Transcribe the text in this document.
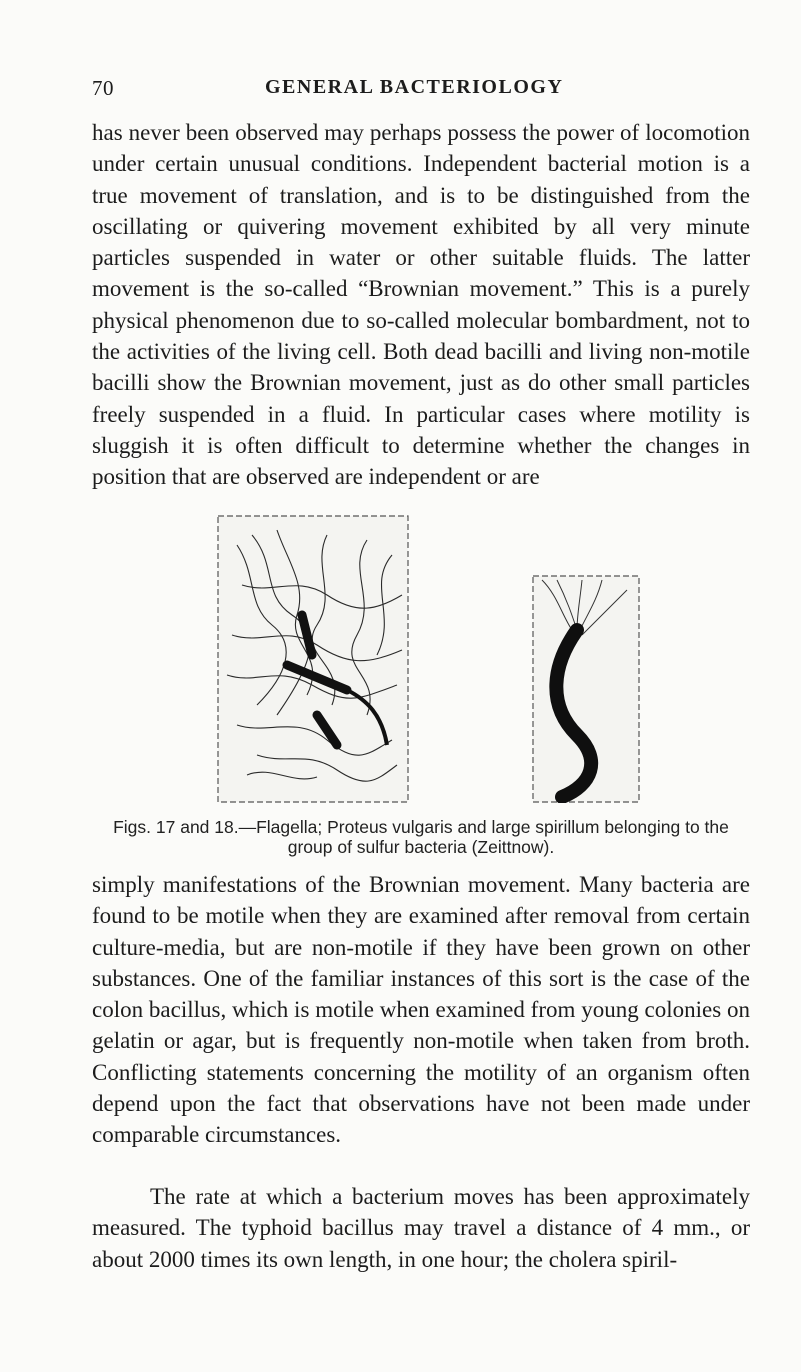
70	GENERAL BACTERIOLOGY

has never been observed may perhaps possess the power of locomotion under certain unusual conditions. Independent bacterial motion is a true movement of translation, and is to be distinguished from the oscillating or quivering movement exhibited by all very minute particles suspended in water or other suitable fluids. The latter movement is the so-called “Brownian movement.” This is a purely physical phenomenon due to so-called molecular bombardment, not to the activities of the living cell. Both dead bacilli and living non-motile bacilli show the Brownian movement, just as do other small particles freely suspended in a fluid. In particular cases where motility is sluggish it is often difficult to determine whether the changes in position that are observed are independent or are

Figs. 17 and 18.—Flagella; Proteus vulgaris and large spirillum belonging to the group of sulfur bacteria (Zeittnow).

simply manifestations of the Brownian movement. Many bacteria are found to be motile when they are examined after removal from certain culture-media, but are non-motile if they have been grown on other substances. One of the familiar instances of this sort is the case of the colon bacillus, which is motile when examined from young colonies on gelatin or agar, but is frequently non-motile when taken from broth. Conflicting statements concerning the motility of an organism often depend upon the fact that observations have not been made under comparable circumstances.

The rate at which a bacterium moves has been approximately measured. The typhoid bacillus may travel a distance of 4 mm., or about 2000 times its own length, in one hour; the cholera spiril-
